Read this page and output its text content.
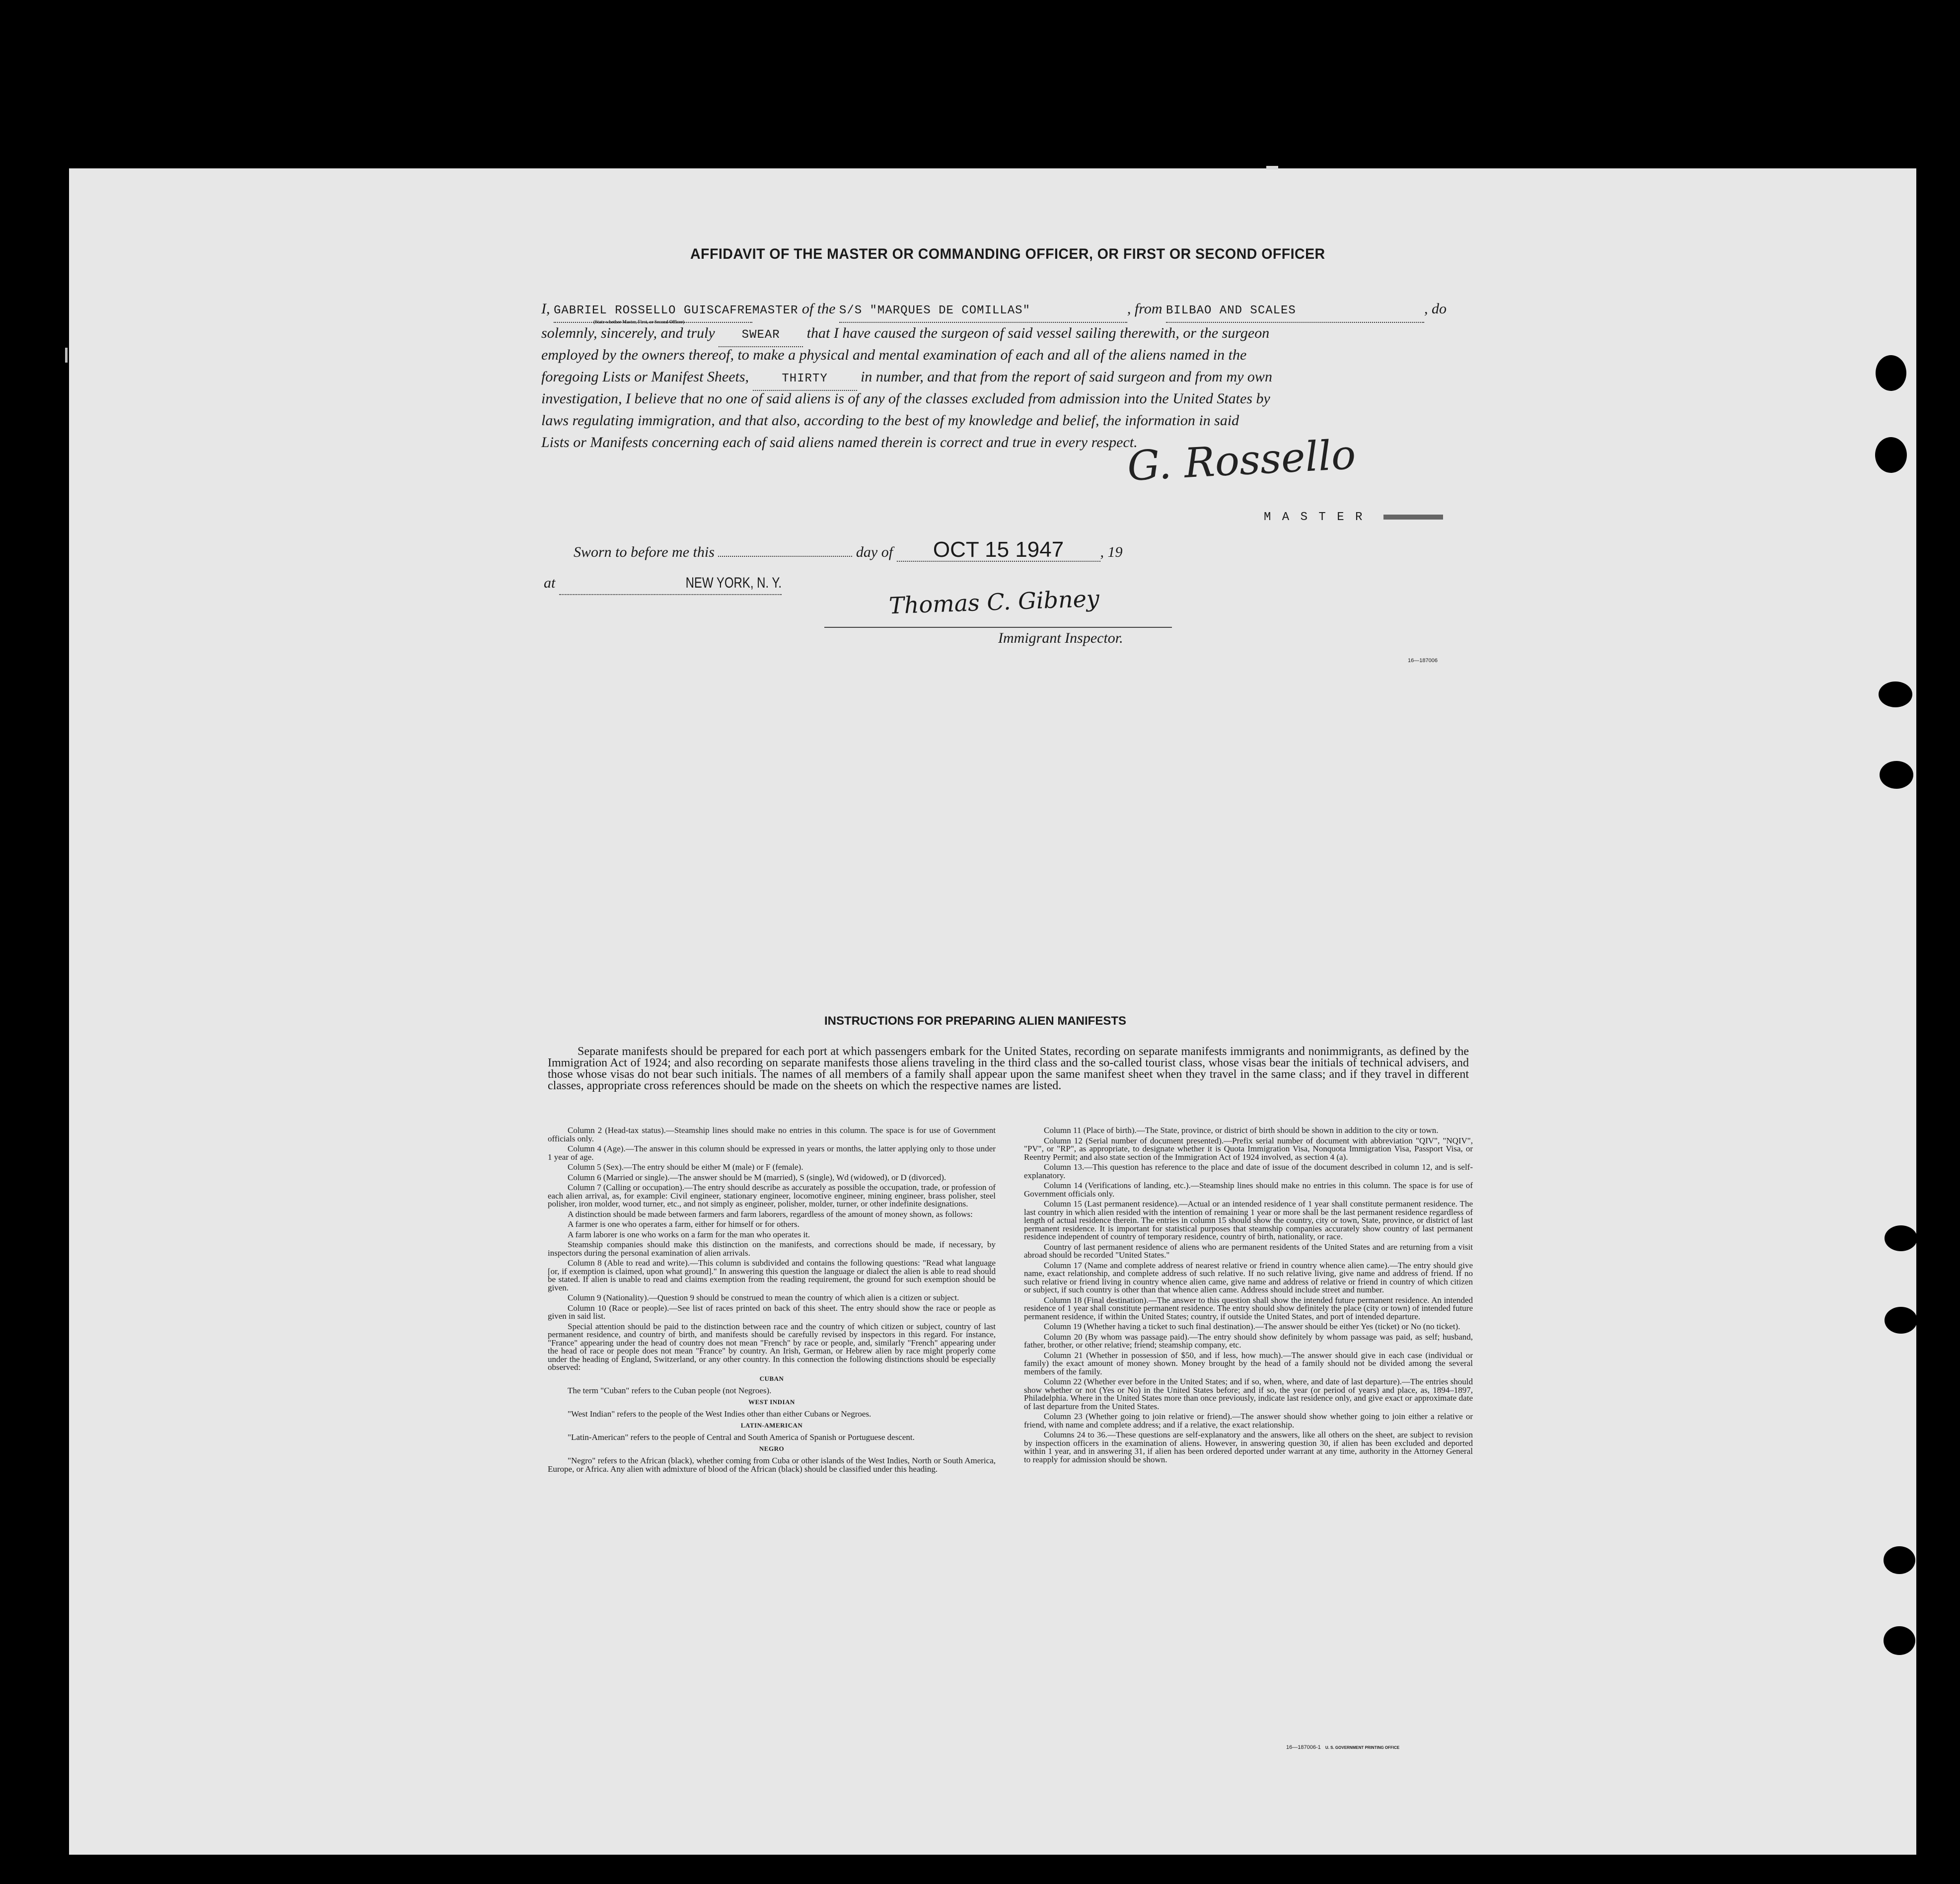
AFFIDAVIT OF THE MASTER OR COMMANDING OFFICER, OR FIRST OR SECOND OFFICER
I, GABRIEL ROSSELLO GUISCAFREMASTER of the S/S "MARQUES DE COMILLAS"	, from BILBAO AND SCALES	, do
(State whether Master, First, or Second Officer)
solemnly, sincerely, and truly SWEAR that I have caused the surgeon of said vessel sailing therewith, or the surgeon
employed by the owners thereof, to make a physical and mental examination of each and all of the aliens named in the
foregoing Lists or Manifest Sheets,	THIRTY in number, and that from the report of said surgeon and from my own
investigation, I believe that no one of said aliens is of any of the classes excluded from admission into the United States by
laws regulating immigration, and that also, according to the best of my knowledge and belief, the information in said
Lists or Manifests concerning each of said aliens named therein is correct and true in every respect.
G. Rossello
M A S T E R
Sworn to before me this	day of OCT 15 1947 , 19
at	NEW YORK, N. Y.
Thomas C. Gibney
Immigrant Inspector.
16—187006
INSTRUCTIONS FOR PREPARING ALIEN MANIFESTS
Separate manifests should be prepared for each port at which passengers embark for the United States, recording on separate manifests immigrants and nonimmigrants, as defined by the Immigration Act of 1924; and also recording on separate manifests those aliens traveling in the third class and the so-called tourist class, whose visas bear the initials of technical advisers, and those whose visas do not bear such initials. The names of all members of a family shall appear upon the same manifest sheet when they travel in the same class; and if they travel in different classes, appropriate cross references should be made on the sheets on which the respective names are listed.

Column 2 (Head-tax status).—Steamship lines should make no entries in this column. The space is for use of Government officials only.

Column 4 (Age).—The answer in this column should be expressed in years or months, the latter applying only to those under 1 year of age.

Column 5 (Sex).—The entry should be either M (male) or F (female).

Column 6 (Married or single).—The answer should be M (married), S (single), Wd (widowed), or D (divorced).

Column 7 (Calling or occupation).—The entry should describe as accurately as possible the occupation, trade, or profession of each alien arrival, as, for example: Civil engineer, stationary engineer, locomotive engineer, mining engineer, brass polisher, steel polisher, iron molder, wood turner, etc., and not simply as engineer, polisher, molder, turner, or other indefinite designations.

A distinction should be made between farmers and farm laborers, regardless of the amount of money shown, as follows:

A farmer is one who operates a farm, either for himself or for others.

A farm laborer is one who works on a farm for the man who operates it.

Steamship companies should make this distinction on the manifests, and corrections should be made, if necessary, by inspectors during the personal examination of alien arrivals.

Column 8 (Able to read and write).—This column is subdivided and contains the following questions: "Read what language [or, if exemption is claimed, upon what ground]." In answering this question the language or dialect the alien is able to read should be stated. If alien is unable to read and claims exemption from the reading requirement, the ground for such exemption should be given.

Column 9 (Nationality).—Question 9 should be construed to mean the country of which alien is a citizen or subject.

Column 10 (Race or people).—See list of races printed on back of this sheet. The entry should show the race or people as given in said list.

Special attention should be paid to the distinction between race and the country of which citizen or subject, country of last permanent residence, and country of birth, and manifests should be carefully revised by inspectors in this regard. For instance, "France" appearing under the head of country does not mean "French" by race or people, and, similarly "French" appearing under the head of race or people does not mean "France" by country. An Irish, German, or Hebrew alien by race might properly come under the heading of England, Switzerland, or any other country. In this connection the following distinctions should be especially observed:

CUBAN

The term "Cuban" refers to the Cuban people (not Negroes).

WEST INDIAN

"West Indian" refers to the people of the West Indies other than either Cubans or Negroes.

LATIN-AMERICAN

"Latin-American" refers to the people of Central and South America of Spanish or Portuguese descent.

NEGRO

"Negro" refers to the African (black), whether coming from Cuba or other islands of the West Indies, North or South America, Europe, or Africa. Any alien with admixture of blood of the African (black) should be classified under this heading.

Column 11 (Place of birth).—The State, province, or district of birth should be shown in addition to the city or town.

Column 12 (Serial number of document presented).—Prefix serial number of document with abbreviation "QIV", "NQIV", "PV", or "RP", as appropriate, to designate whether it is Quota Immigration Visa, Nonquota Immigration Visa, Passport Visa, or Reentry Permit; and also state section of the Immigration Act of 1924 involved, as section 4 (a).

Column 13.—This question has reference to the place and date of issue of the document described in column 12, and is self-explanatory.

Column 14 (Verifications of landing, etc.).—Steamship lines should make no entries in this column. The space is for use of Government officials only.

Column 15 (Last permanent residence).—Actual or an intended residence of 1 year shall constitute permanent residence. The last country in which alien resided with the intention of remaining 1 year or more shall be the last permanent residence regardless of length of actual residence therein. The entries in column 15 should show the country, city or town, State, province, or district of last permanent residence. It is important for statistical purposes that steamship companies accurately show country of last permanent residence independent of country of temporary residence, country of birth, nationality, or race.

Country of last permanent residence of aliens who are permanent residents of the United States and are returning from a visit abroad should be recorded "United States."

Column 17 (Name and complete address of nearest relative or friend in country whence alien came).—The entry should give name, exact relationship, and complete address of such relative. If no such relative living, give name and address of friend. If no such relative or friend living in country whence alien came, give name and address of relative or friend in country of which citizen or subject, if such country is other than that whence alien came. Address should include street and number.

Column 18 (Final destination).—The answer to this question shall show the intended future permanent residence. An intended residence of 1 year shall constitute permanent residence. The entry should show definitely the place (city or town) of intended future permanent residence, if within the United States; country, if outside the United States, and port of intended departure.

Column 19 (Whether having a ticket to such final destination).—The answer should be either Yes (ticket) or No (no ticket).

Column 20 (By whom was passage paid).—The entry should show definitely by whom passage was paid, as self; husband, father, brother, or other relative; friend; steamship company, etc.

Column 21 (Whether in possession of $50, and if less, how much).—The answer should give in each case (individual or family) the exact amount of money shown. Money brought by the head of a family should not be divided among the several members of the family.

Column 22 (Whether ever before in the United States; and if so, when, where, and date of last departure).—The entries should show whether or not (Yes or No) in the United States before; and if so, the year (or period of years) and place, as, 1894–1897, Philadelphia. Where in the United States more than once previously, indicate last residence only, and give exact or approximate date of last departure from the United States.

Column 23 (Whether going to join relative or friend).—The answer should show whether going to join either a relative or friend, with name and complete address; and if a relative, the exact relationship.

Columns 24 to 36.—These questions are self-explanatory and the answers, like all others on the sheet, are subject to revision by inspection officers in the examination of aliens. However, in answering question 30, if alien has been excluded and deported within 1 year, and in answering 31, if alien has been ordered deported under warrant at any time, authority in the Attorney General to reapply for admission should be shown.

16—187006-1 U. S. GOVERNMENT PRINTING OFFICE
